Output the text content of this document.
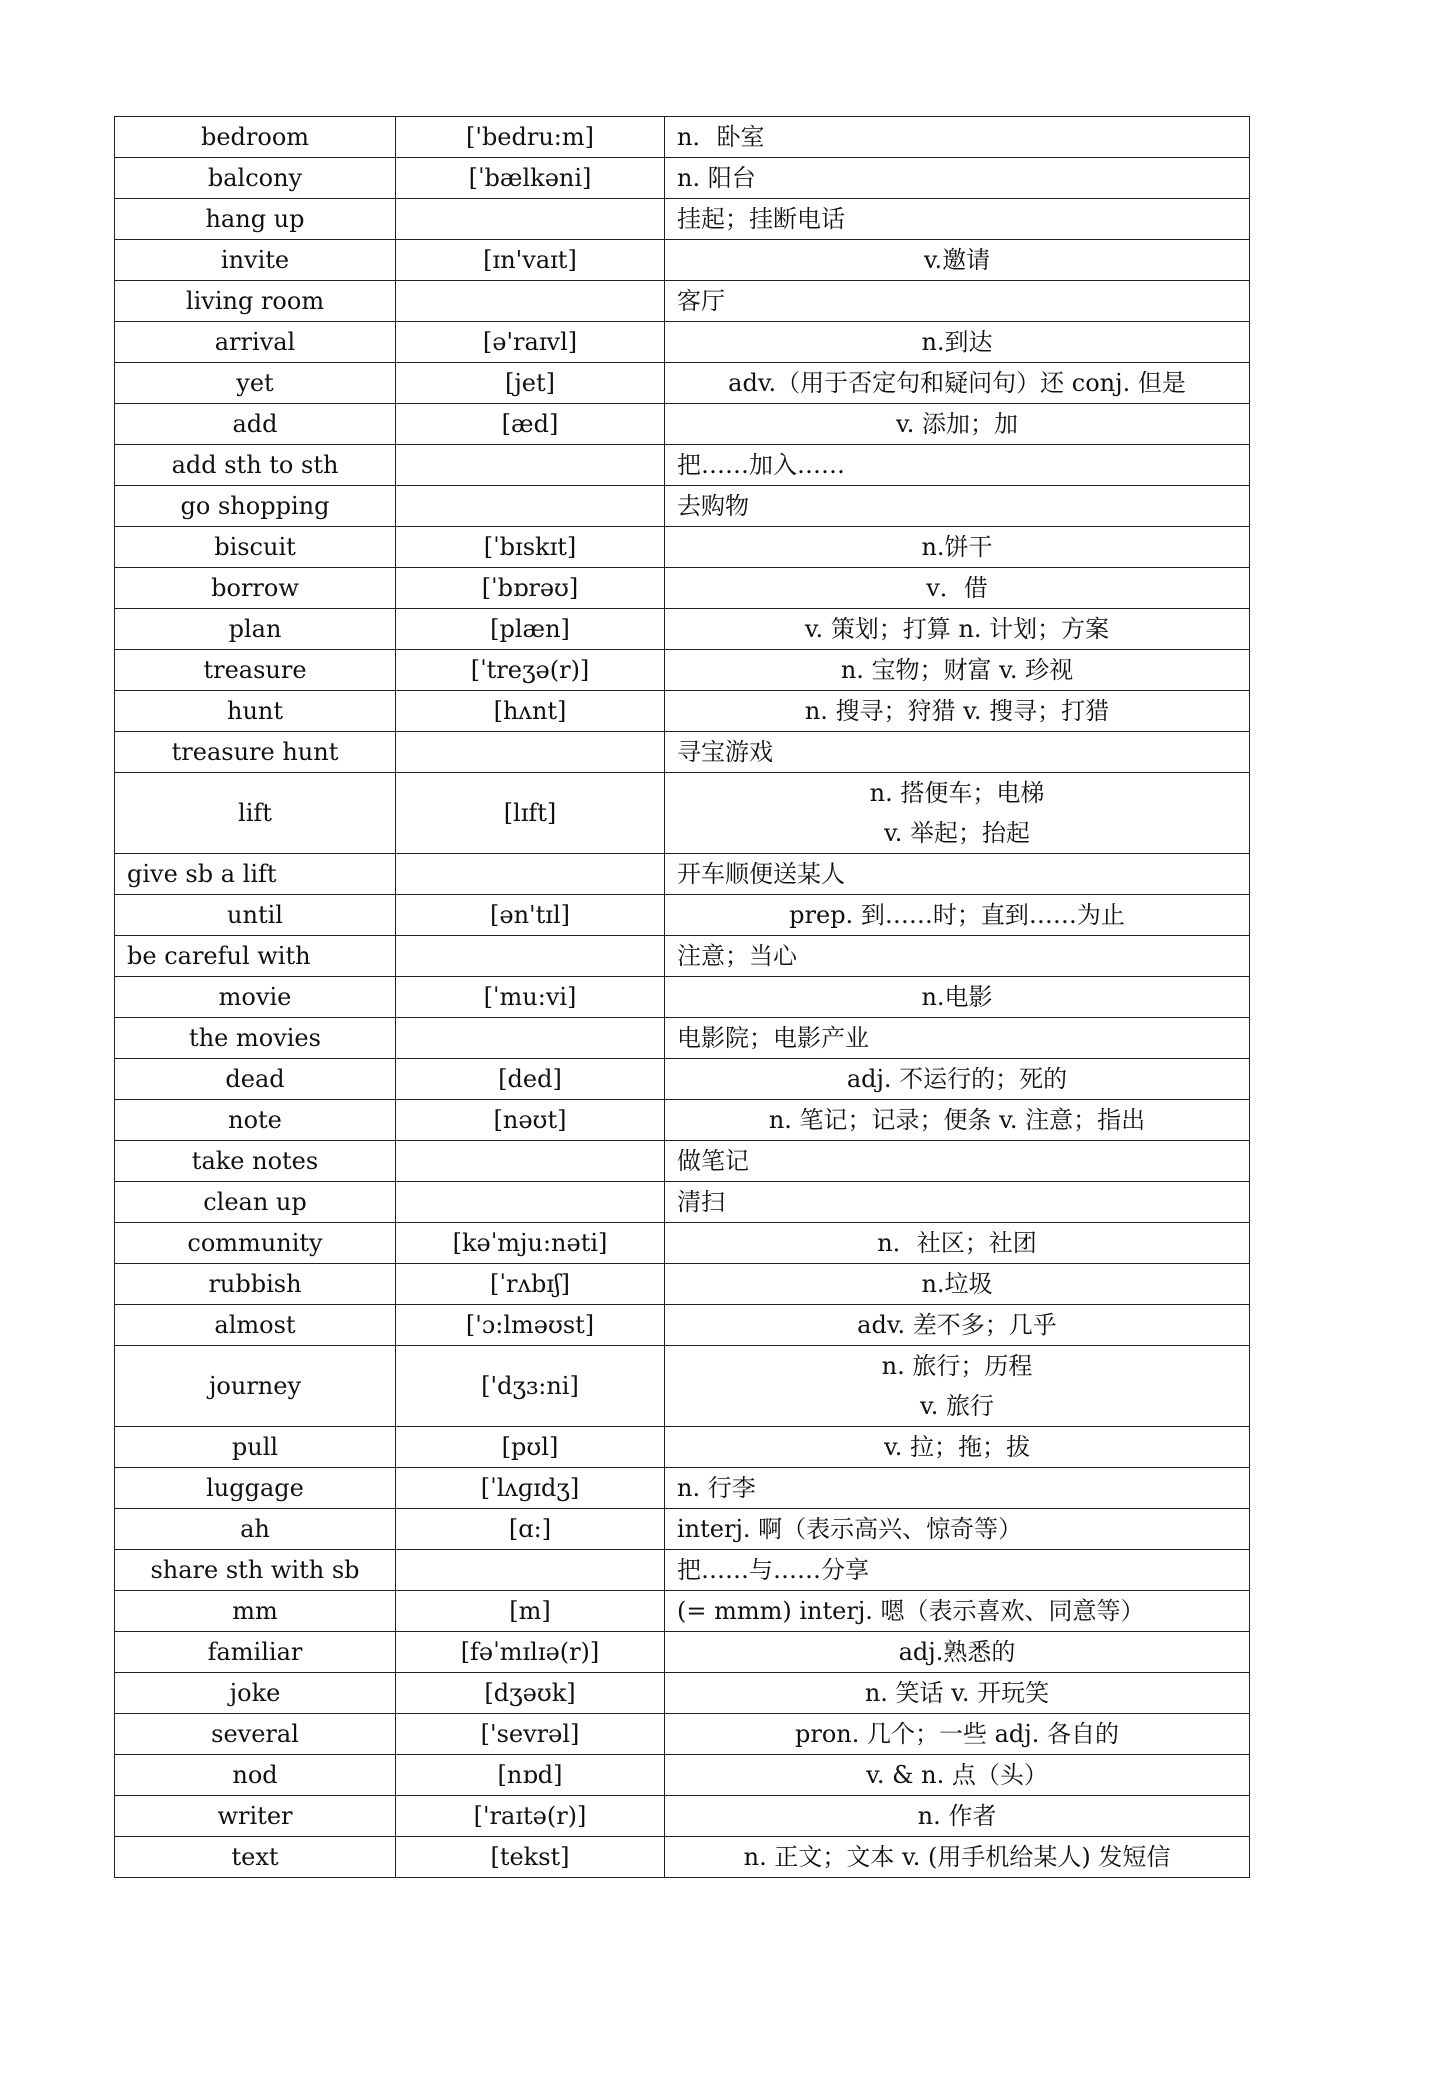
bedroom	['bedru:m]	n．卧室
balcony	[ˈbælkəni]	n. 阳台
hang up		挂起；挂断电话
invite	[ɪn'vaɪt]	v.邀请
living room		客厅
arrival	[ə'raɪvl]	n.到达
yet	[jet]	adv.（用于否定句和疑问句）还 conj. 但是
add	[æd]	v. 添加；加
add sth to sth		把……加入……
go shopping		去购物
biscuit	[ˈbɪskɪt]	n.饼干
borrow	[ˈbɒrəʊ]	v．借
plan	[plæn]	v. 策划；打算 n. 计划；方案
treasure	[ˈtreʒə(r)]	n. 宝物；财富 v. 珍视
hunt	[hʌnt]	n. 搜寻；狩猎 v. 搜寻；打猎
treasure hunt		寻宝游戏
lift	[lɪft]	n. 搭便车；电梯
v. 举起；抬起

give sb a lift		开车顺便送某人
until	[ən'tɪl]	prep. 到……时；直到……为止
be careful with		注意；当心
movie	[ˈmu:vi]	n.电影
the movies		电影院；电影产业
dead	[ded]	adj. 不运行的；死的
note	[nəʊt]	n. 笔记；记录；便条 v. 注意；指出
take notes		做笔记
clean up		清扫
community	[kəˈmju:nəti]	n．社区；社团
rubbish	[ˈrʌbɪʃ]	n.垃圾
almost	['ɔ:lməʊst]	adv. 差不多；几乎
journey	['dʒɜ:ni]	n. 旅行；历程
v. 旅行

pull	[pʊl]	v. 拉；拖；拔
luggage	[ˈlʌɡɪdʒ]	n. 行李
ah	[ɑ:]	interj. 啊（表示高兴、惊奇等）
share sth with sb		把……与……分享
mm	[m]	(= mmm) interj. 嗯（表示喜欢、同意等）
familiar	[fəˈmɪlɪə(r)]	adj.熟悉的
joke	[dʒəʊk]	n. 笑话 v. 开玩笑
several	['sevrəl]	pron. 几个；一些 adj. 各自的
nod	[nɒd]	v. & n. 点（头）
writer	['raɪtə(r)]	n. 作者
text	[tekst]	n. 正文；文本 v. (用手机给某人) 发短信
